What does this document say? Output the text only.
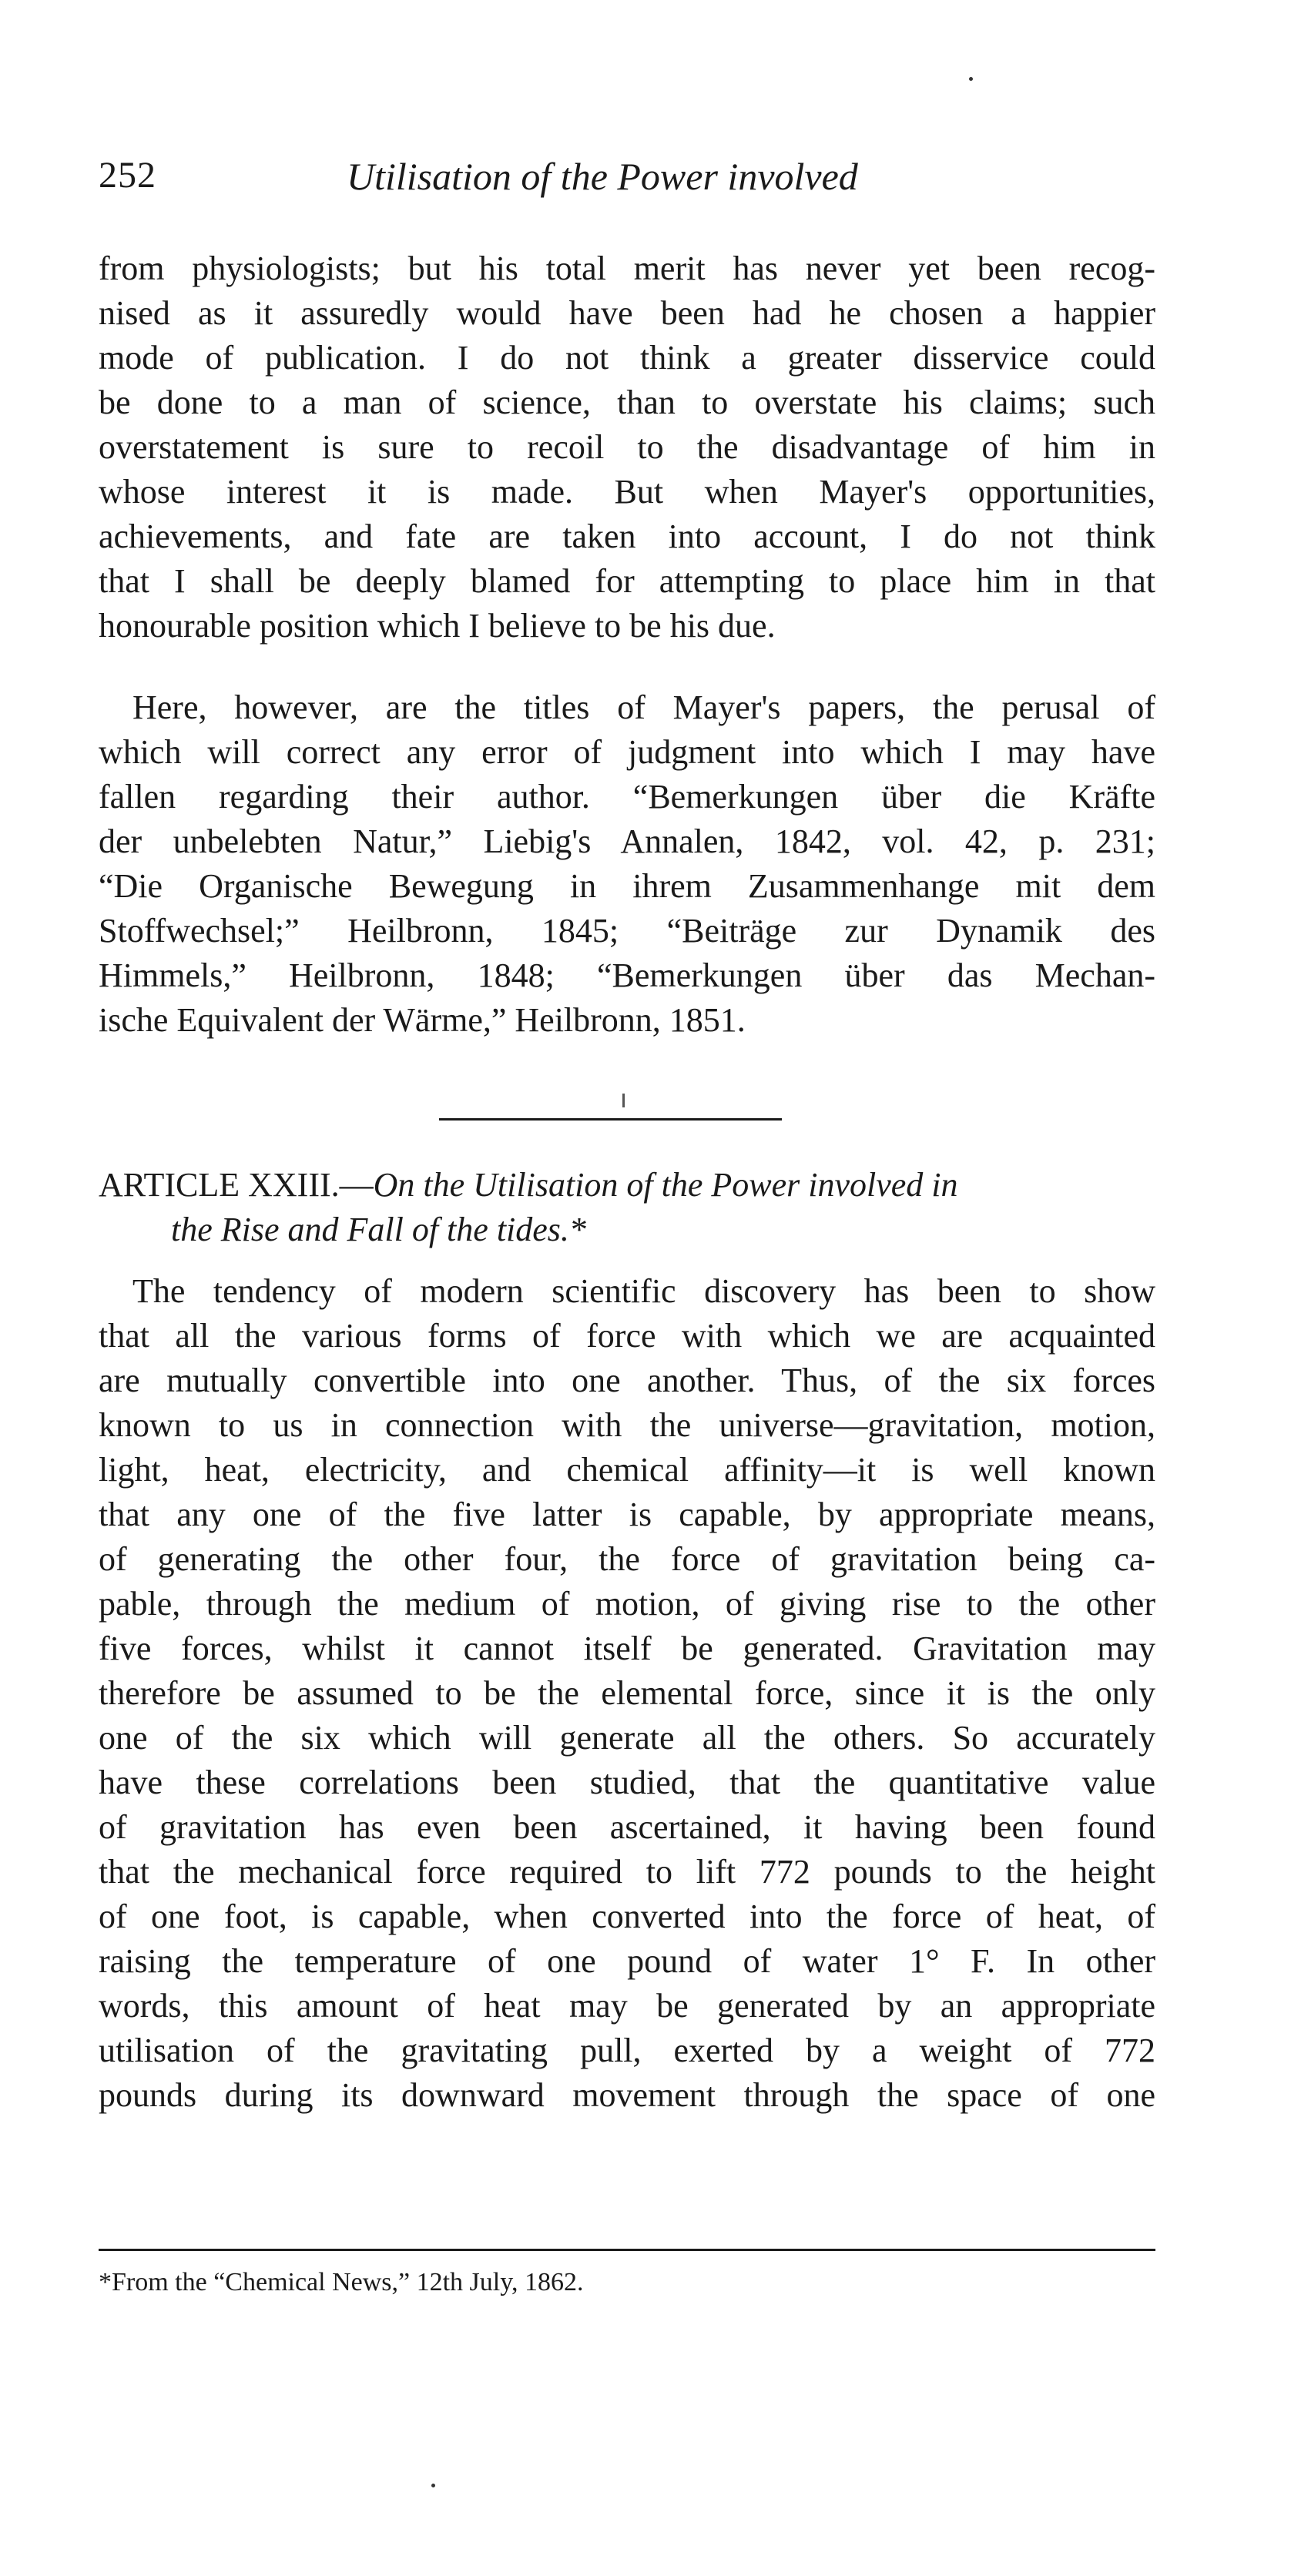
252	Utilisation of the Power involved
from physiologists; but his total merit has never yet been recog-
nised as it assuredly would have been had he chosen a happier
mode of publication. I do not think a greater disservice could
be done to a man of science, than to overstate his claims; such
overstatement is sure to recoil to the disadvantage of him in
whose interest it is made. But when Mayer's opportunities,
achievements, and fate are taken into account, I do not think
that I shall be deeply blamed for attempting to place him in that
honourable position which I believe to be his due.
Here, however, are the titles of Mayer's papers, the perusal of
which will correct any error of judgment into which I may have
fallen regarding their author. “Bemerkungen über die Kräfte
der unbelebten Natur,” Liebig's Annalen, 1842, vol. 42, p. 231;
“Die Organische Bewegung in ihrem Zusammenhange mit dem
Stoffwechsel;” Heilbronn, 1845; “Beiträge zur Dynamik des
Himmels,” Heilbronn, 1848; “Bemerkungen über das Mechan-
ische Equivalent der Wärme,” Heilbronn, 1851.
ARTICLE XXIII.—On the Utilisation of the Power involved in
the Rise and Fall of the tides.*
The tendency of modern scientific discovery has been to show
that all the various forms of force with which we are acquainted
are mutually convertible into one another. Thus, of the six forces
known to us in connection with the universe—gravitation, motion,
light, heat, electricity, and chemical affinity—it is well known
that any one of the five latter is capable, by appropriate means,
of generating the other four, the force of gravitation being ca-
pable, through the medium of motion, of giving rise to the other
five forces, whilst it cannot itself be generated. Gravitation may
therefore be assumed to be the elemental force, since it is the only
one of the six which will generate all the others. So accurately
have these correlations been studied, that the quantitative value
of gravitation has even been ascertained, it having been found
that the mechanical force required to lift 772 pounds to the height
of one foot, is capable, when converted into the force of heat, of
raising the temperature of one pound of water 1° F. In other
words, this amount of heat may be generated by an appropriate
utilisation of the gravitating pull, exerted by a weight of 772
pounds during its downward movement through the space of one
*From the “Chemical News,” 12th July, 1862.
